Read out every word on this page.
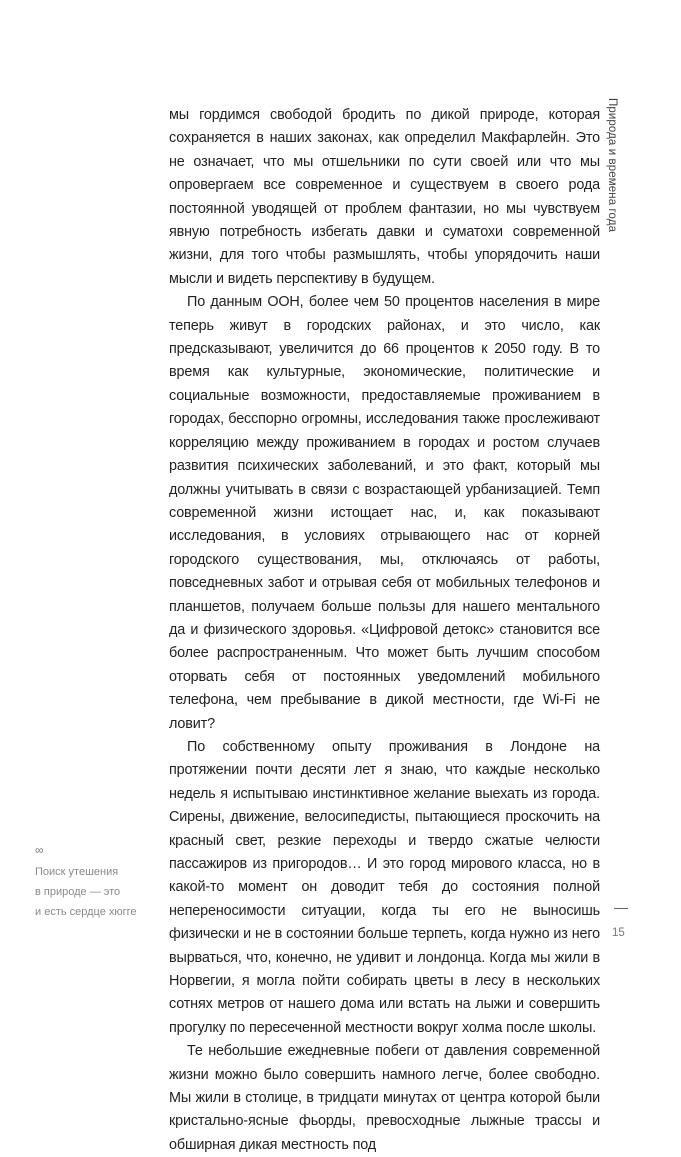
Природа и времена года

мы гордимся свободой бродить по дикой природе, которая сохраняется в наших законах, как определил Макфарлейн. Это не означает, что мы отшельники по сути своей или что мы опровергаем все современное и существуем в своего рода постоянной уводящей от проблем фантазии, но мы чувствуем явную потребность избегать давки и суматохи современной жизни, для того чтобы размышлять, чтобы упорядочить наши мысли и видеть перспективу в будущем.

По данным ООН, более чем 50 процентов населения в мире теперь живут в городских районах, и это число, как предсказывают, увеличится до 66 процентов к 2050 году. В то время как культурные, экономические, политические и социальные возможности, предоставляемые проживанием в городах, бесспорно огромны, исследования также прослеживают корреляцию между проживанием в городах и ростом случаев развития психических заболеваний, и это факт, который мы должны учитывать в связи с возрастающей урбанизацией. Темп современной жизни истощает нас, и, как показывают исследования, в условиях отрывающего нас от корней городского существования, мы, отключаясь от работы, повседневных забот и отрывая себя от мобильных телефонов и планшетов, получаем больше пользы для нашего ментального да и физического здоровья. «Цифровой детокс» становится все более распространенным. Что может быть лучшим способом оторвать себя от постоянных уведомлений мобильного телефона, чем пребывание в дикой местности, где Wi-Fi не ловит?

По собственному опыту проживания в Лондоне на протяжении почти десяти лет я знаю, что каждые несколько недель я испытываю инстинктивное желание выехать из города. Сирены, движение, велосипедисты, пытающиеся проскочить на красный свет, резкие переходы и твердо сжатые челюсти пассажиров из пригородов… И это город мирового класса, но в какой-то момент он доводит тебя до состояния полной непереносимости ситуации, когда ты его не выносишь физически и не в состоянии больше терпеть, когда нужно из него вырваться, что, конечно, не удивит и лондонца. Когда мы жили в Норвегии, я могла пойти собирать цветы в лесу в нескольких сотнях метров от нашего дома или встать на лыжи и совершить прогулку по пересеченной местности вокруг холма после школы.

Те небольшие ежедневные побеги от давления современной жизни можно было совершить намного легче, более свободно. Мы жили в столице, в тридцати минутах от центра которой были кристально-ясные фьорды, превосходные лыжные трассы и обширная дикая местность под

∞
Поиск утешения
в природе — это
и есть сердце хюгге
15
